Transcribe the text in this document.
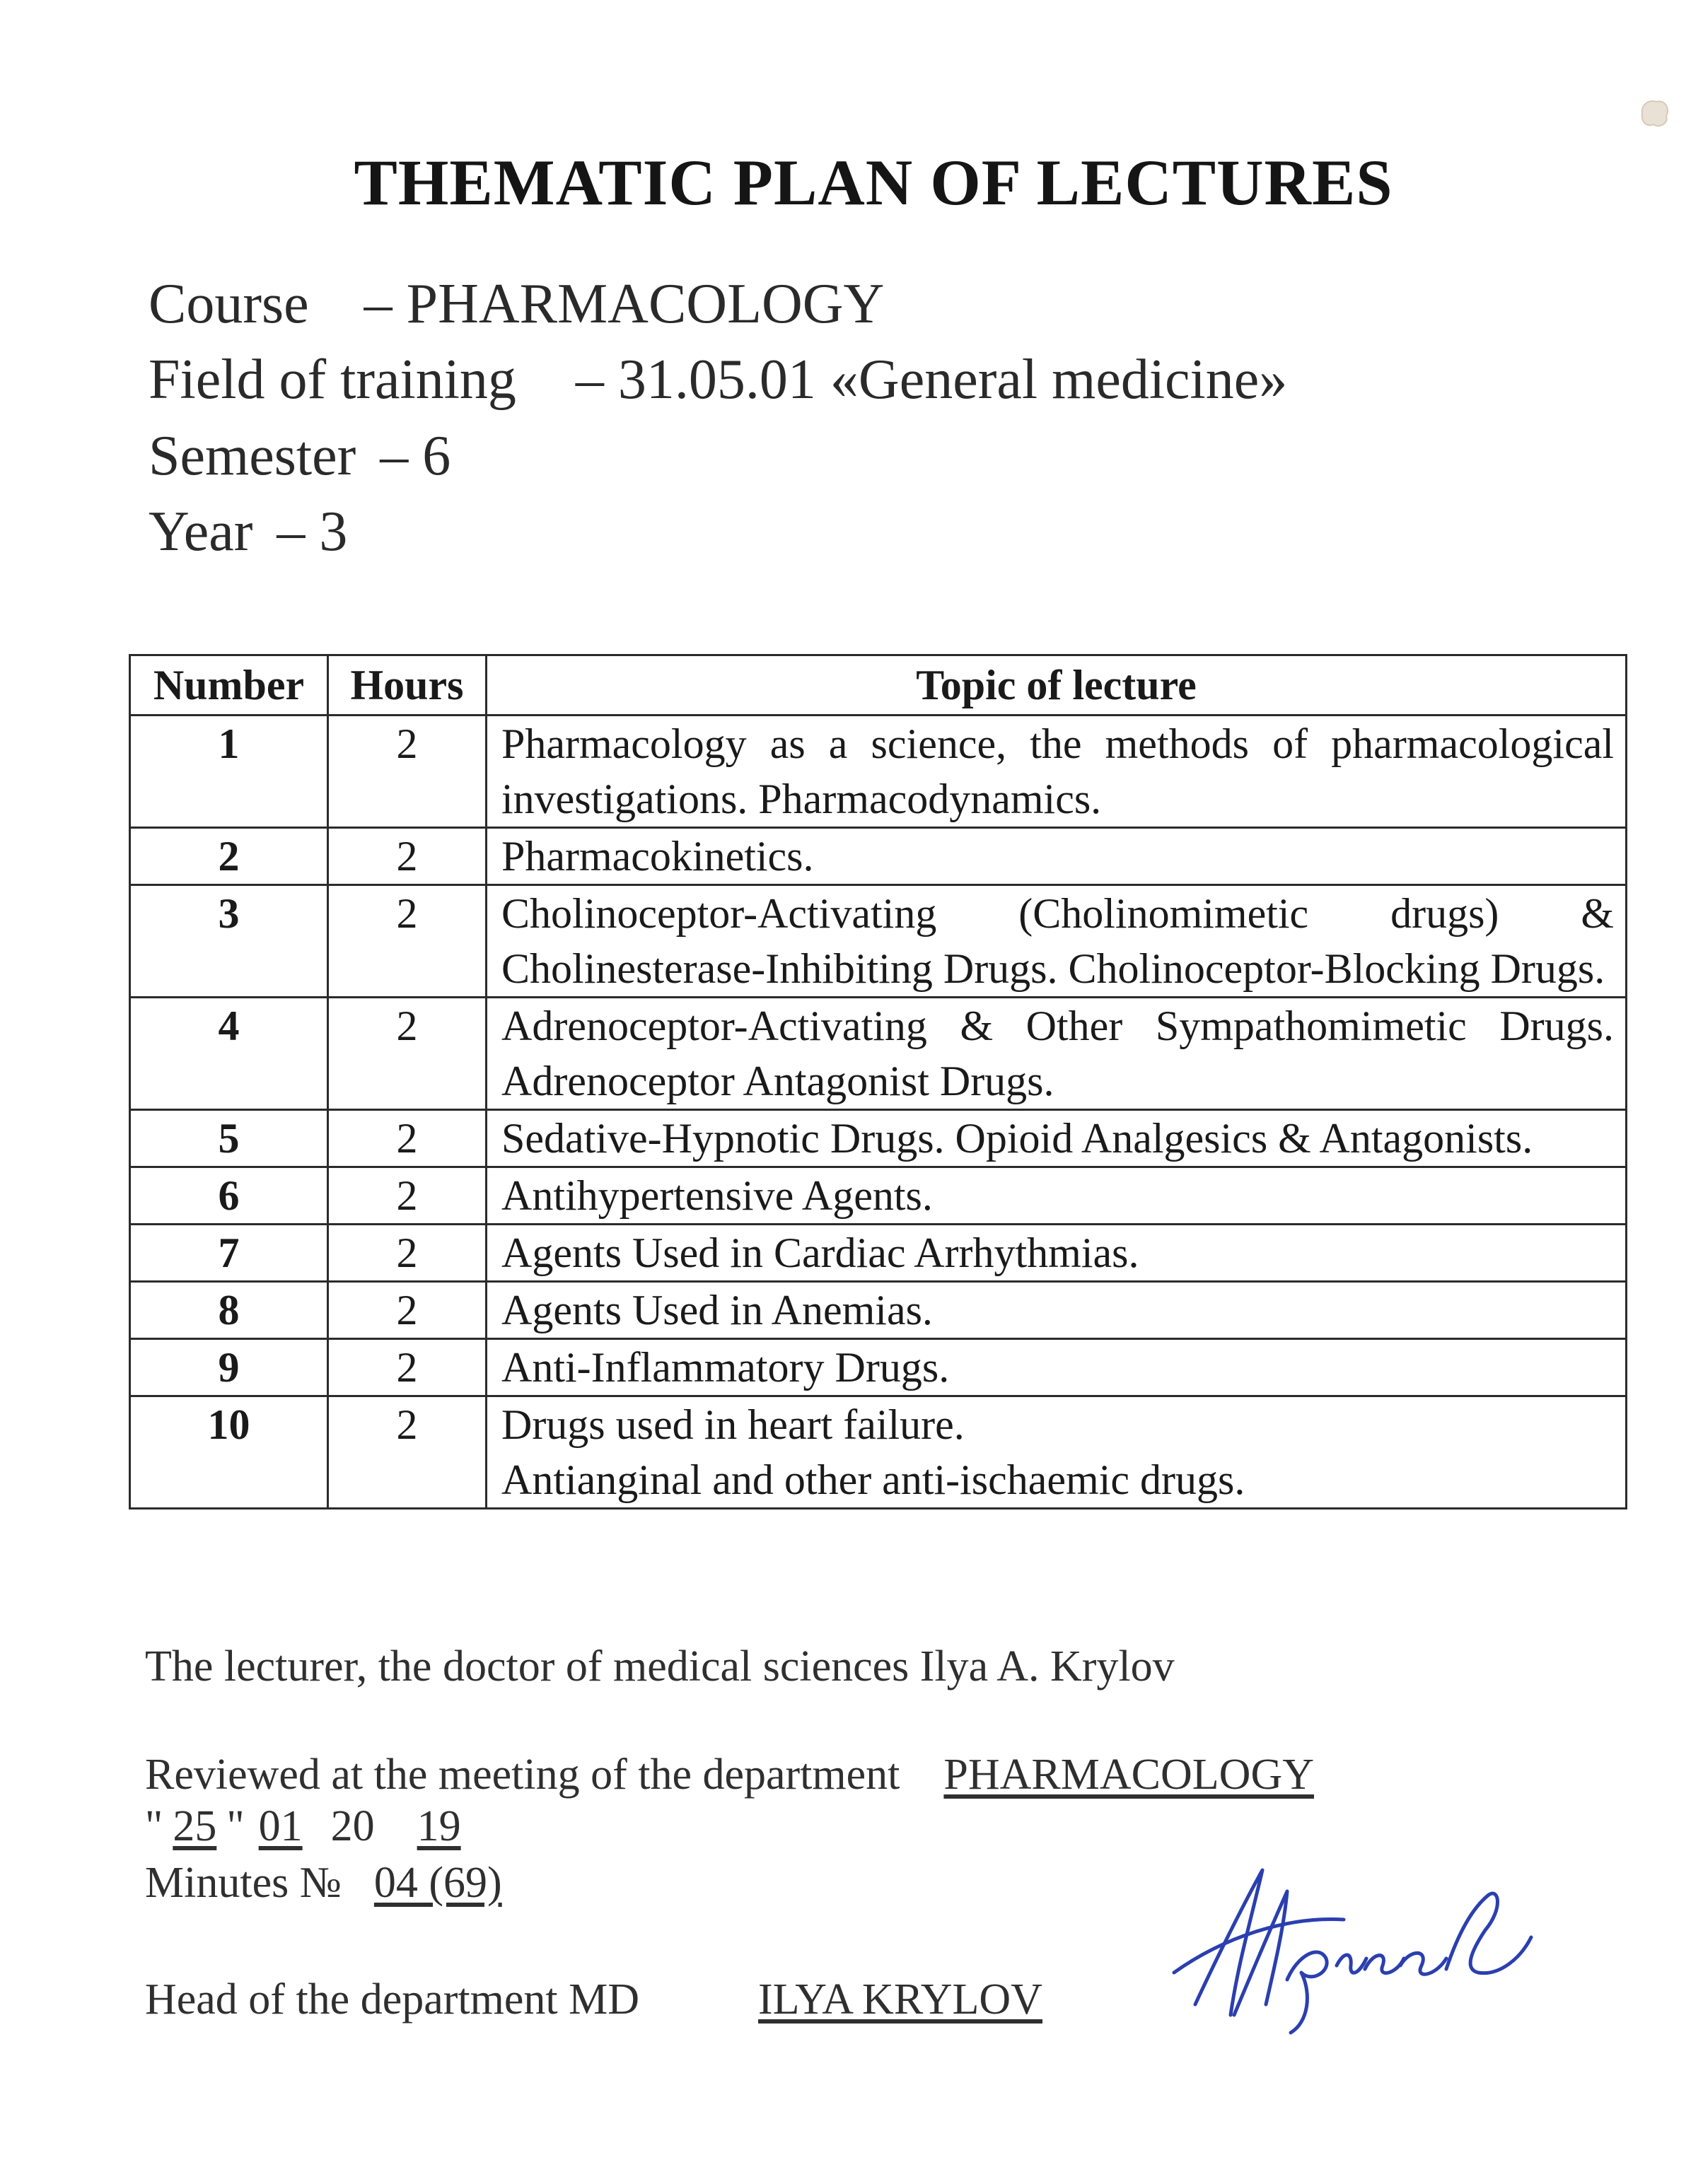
THEMATIC PLAN OF LECTURES
Course – PHARMACOLOGY
Field of training – 31.05.01 «General medicine»
Semester – 6
Year – 3
Number	Hours	Topic of lecture
1	2	Pharmacology as a science, the methods of pharmacological investigations. Pharmacodynamics.
2	2	Pharmacokinetics.
3	2	Cholinoceptor-Activating (Cholinomimetic drugs) & Cholinesterase-Inhibiting Drugs. Cholinoceptor-Blocking Drugs.
4	2	Adrenoceptor-Activating & Other Sympathomimetic Drugs. Adrenoceptor Antagonist Drugs.
5	2	Sedative-Hypnotic Drugs. Opioid Analgesics & Antagonists.
6	2	Antihypertensive Agents.
7	2	Agents Used in Cardiac Arrhythmias.
8	2	Agents Used in Anemias.
9	2	Anti-Inflammatory Drugs.
10	2	Drugs used in heart failure.
Antianginal and other anti-ischaemic drugs.
The lecturer, the doctor of medical sciences Ilya A. Krylov
Reviewed at the meeting of the department PHARMACOLOGY
" 25 " 01 20 19
Minutes № 04 (69)
Head of the department MD	ILYA KRYLOV
